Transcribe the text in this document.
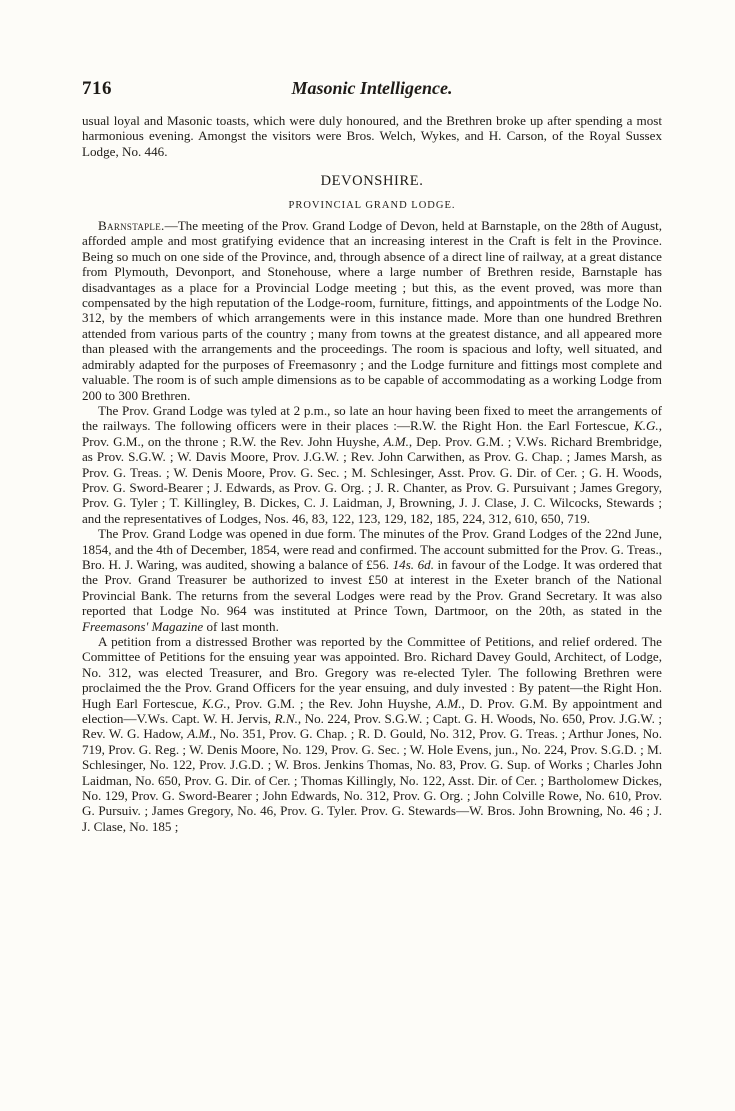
716	Masonic Intelligence.

usual loyal and Masonic toasts, which were duly honoured, and the Brethren broke up after spending a most harmonious evening. Amongst the visitors were Bros. Welch, Wykes, and H. Carson, of the Royal Sussex Lodge, No. 446.

DEVONSHIRE.
PROVINCIAL GRAND LODGE.

Barnstaple.—The meeting of the Prov. Grand Lodge of Devon, held at Barnstaple, on the 28th of August, afforded ample and most gratifying evidence that an increasing interest in the Craft is felt in the Province. Being so much on one side of the Province, and, through absence of a direct line of railway, at a great distance from Plymouth, Devonport, and Stonehouse, where a large number of Brethren reside, Barnstaple has disadvantages as a place for a Provincial Lodge meeting ; but this, as the event proved, was more than compensated by the high reputation of the Lodge-room, furniture, fittings, and appointments of the Lodge No. 312, by the members of which arrangements were in this instance made. More than one hundred Brethren attended from various parts of the country ; many from towns at the greatest distance, and all appeared more than pleased with the arrangements and the proceedings. The room is spacious and lofty, well situated, and admirably adapted for the purposes of Freemasonry ; and the Lodge furniture and fittings most complete and valuable. The room is of such ample dimensions as to be capable of accommodating as a working Lodge from 200 to 300 Brethren.

The Prov. Grand Lodge was tyled at 2 p.m., so late an hour having been fixed to meet the arrangements of the railways. The following officers were in their places :—R.W. the Right Hon. the Earl Fortescue, K.G., Prov. G.M., on the throne ; R.W. the Rev. John Huyshe, A.M., Dep. Prov. G.M. ; V.Ws. Richard Brembridge, as Prov. S.G.W. ; W. Davis Moore, Prov. J.G.W. ; Rev. John Carwithen, as Prov. G. Chap. ; James Marsh, as Prov. G. Treas. ; W. Denis Moore, Prov. G. Sec. ; M. Schlesinger, Asst. Prov. G. Dir. of Cer. ; G. H. Woods, Prov. G. Sword-Bearer ; J. Edwards, as Prov. G. Org. ; J. R. Chanter, as Prov. G. Pursuivant ; James Gregory, Prov. G. Tyler ; T. Killingley, B. Dickes, C. J. Laidman, J, Browning, J. J. Clase, J. C. Wilcocks, Stewards ; and the representatives of Lodges, Nos. 46, 83, 122, 123, 129, 182, 185, 224, 312, 610, 650, 719.

The Prov. Grand Lodge was opened in due form. The minutes of the Prov. Grand Lodges of the 22nd June, 1854, and the 4th of December, 1854, were read and confirmed. The account submitted for the Prov. G. Treas., Bro. H. J. Waring, was audited, showing a balance of £56. 14s. 6d. in favour of the Lodge. It was ordered that the Prov. Grand Treasurer be authorized to invest £50 at interest in the Exeter branch of the National Provincial Bank. The returns from the several Lodges were read by the Prov. Grand Secretary. It was also reported that Lodge No. 964 was instituted at Prince Town, Dartmoor, on the 20th, as stated in the Freemasons' Magazine of last month.

A petition from a distressed Brother was reported by the Committee of Petitions, and relief ordered. The Committee of Petitions for the ensuing year was appointed. Bro. Richard Davey Gould, Architect, of Lodge, No. 312, was elected Treasurer, and Bro. Gregory was re-elected Tyler. The following Brethren were proclaimed the the Prov. Grand Officers for the year ensuing, and duly invested : By patent—the Right Hon. Hugh Earl Fortescue, K.G., Prov. G.M. ; the Rev. John Huyshe, A.M., D. Prov. G.M. By appointment and election—V.Ws. Capt. W. H. Jervis, R.N., No. 224, Prov. S.G.W. ; Capt. G. H. Woods, No. 650, Prov. J.G.W. ; Rev. W. G. Hadow, A.M., No. 351, Prov. G. Chap. ; R. D. Gould, No. 312, Prov. G. Treas. ; Arthur Jones, No. 719, Prov. G. Reg. ; W. Denis Moore, No. 129, Prov. G. Sec. ; W. Hole Evens, jun., No. 224, Prov. S.G.D. ; M. Schlesinger, No. 122, Prov. J.G.D. ; W. Bros. Jenkins Thomas, No. 83, Prov. G. Sup. of Works ; Charles John Laidman, No. 650, Prov. G. Dir. of Cer. ; Thomas Killingly, No. 122, Asst. Dir. of Cer. ; Bartholomew Dickes, No. 129, Prov. G. Sword-Bearer ; John Edwards, No. 312, Prov. G. Org. ; John Colville Rowe, No. 610, Prov. G. Pursuiv. ; James Gregory, No. 46, Prov. G. Tyler. Prov. G. Stewards—W. Bros. John Browning, No. 46 ; J. J. Clase, No. 185 ;
